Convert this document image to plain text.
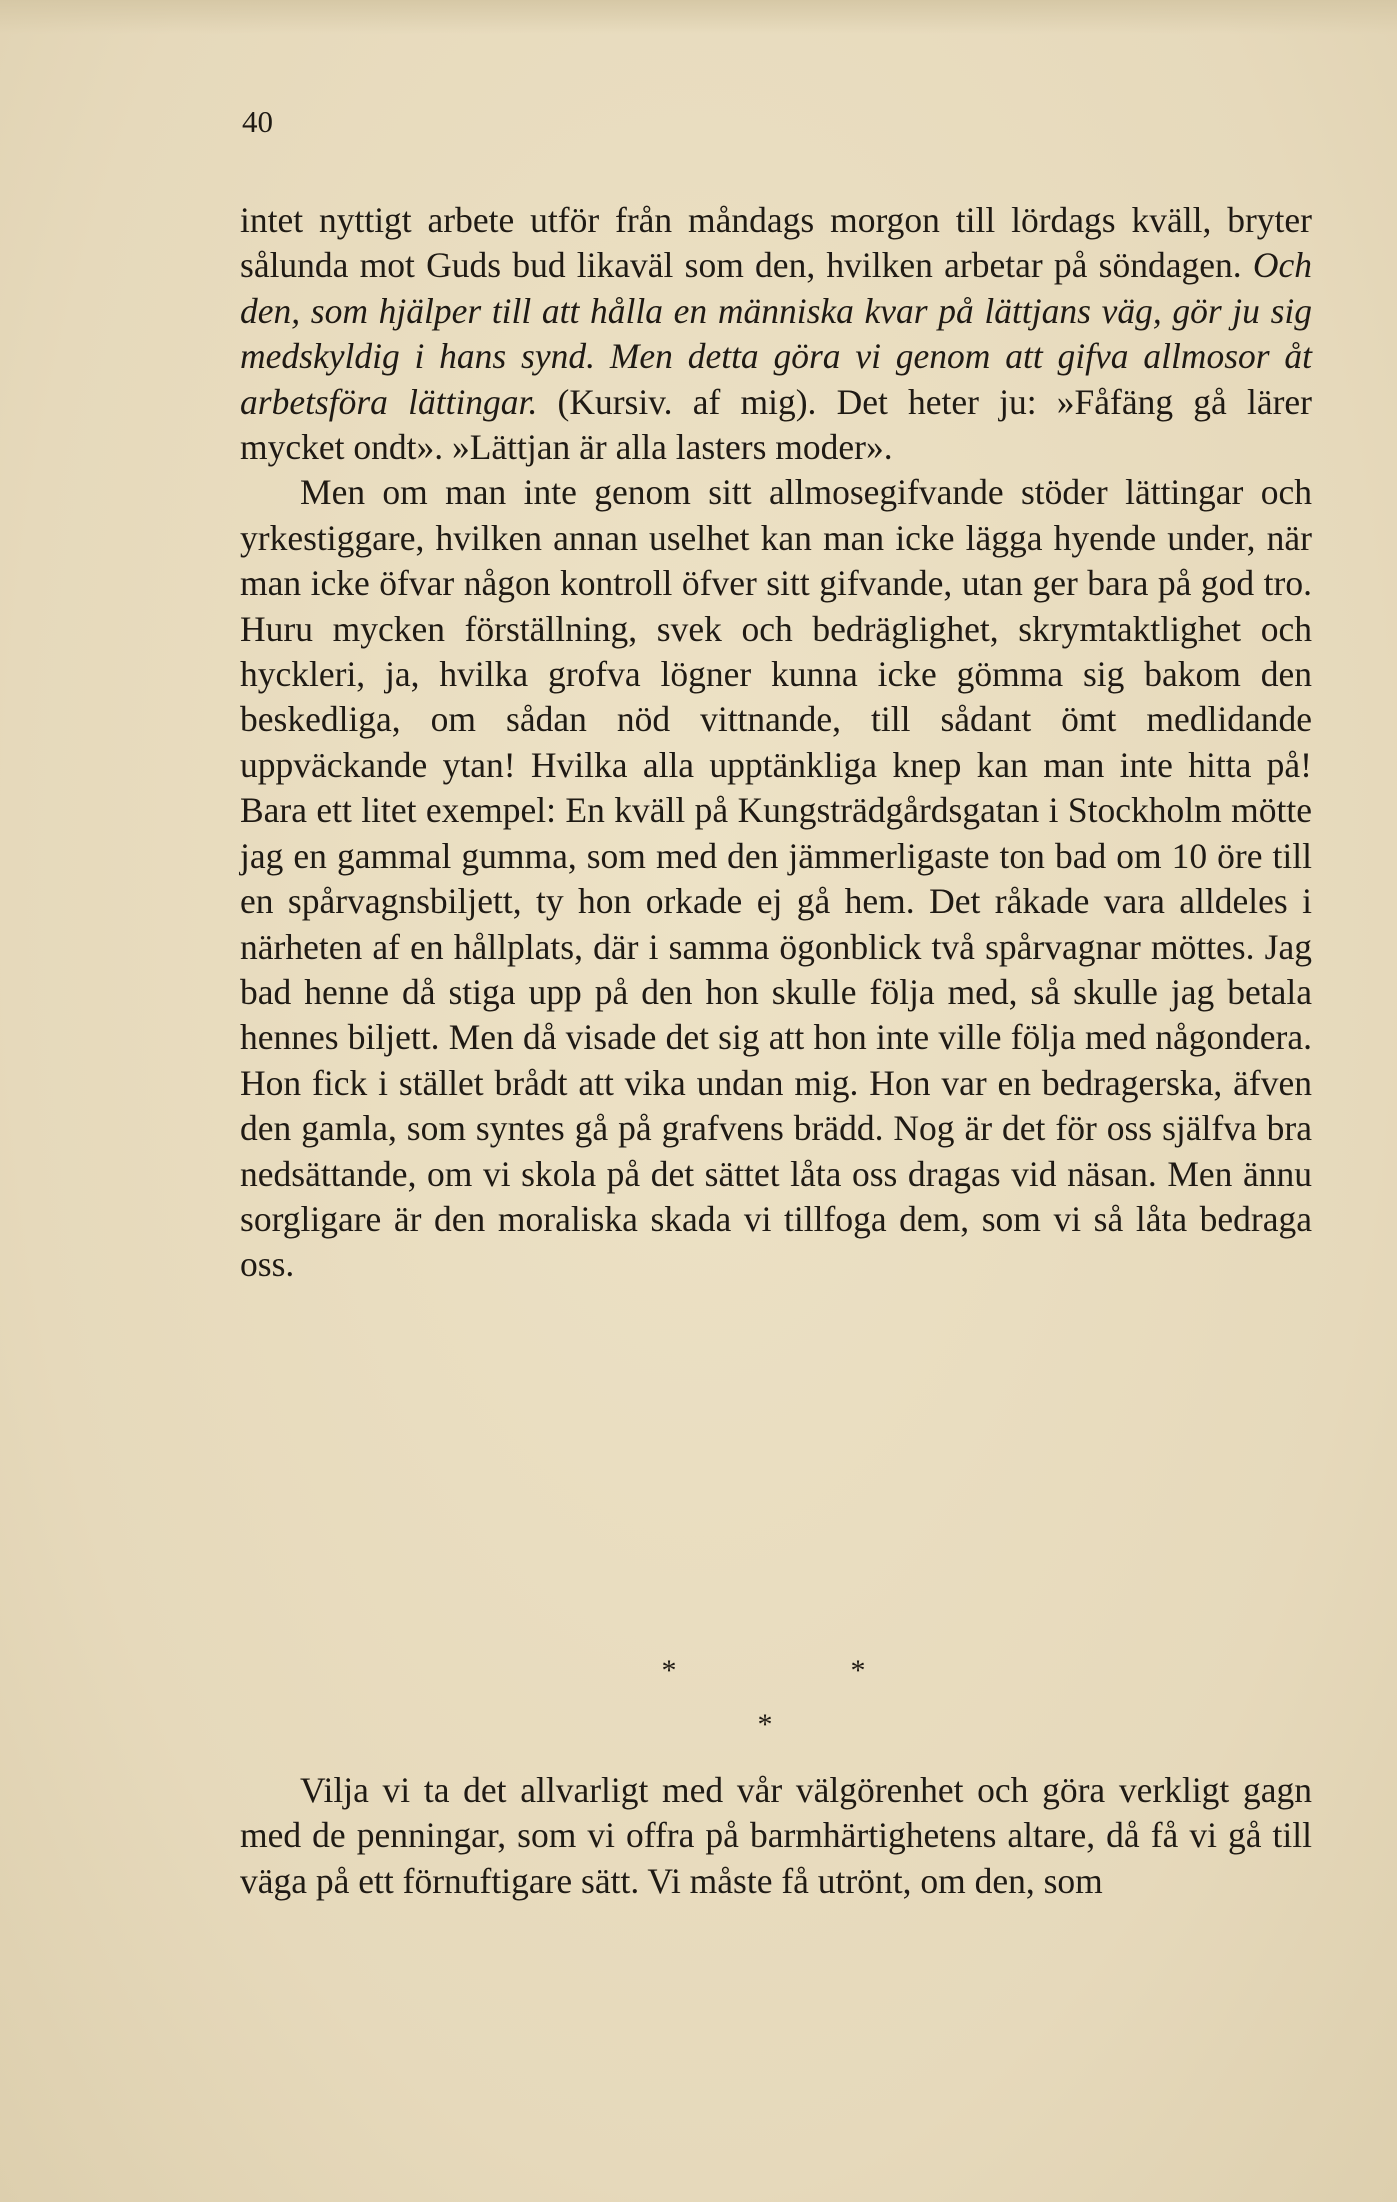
40

intet nyttigt arbete utför från måndags morgon till lördags kväll, bryter sålunda mot Guds bud likaväl som den, hvilken arbetar på söndagen. Och den, som hjälper till att hålla en människa kvar på lättjans väg, gör ju sig medskyldig i hans synd. Men detta göra vi genom att gifva allmosor åt arbetsföra lättingar. (Kursiv. af mig). Det heter ju: »Fåfäng gå lärer mycket ondt». »Lättjan är alla lasters moder».

Men om man inte genom sitt allmosegifvande stöder lättingar och yrkestiggare, hvilken annan uselhet kan man icke lägga hyende under, när man icke öfvar någon kontroll öfver sitt gifvande, utan ger bara på god tro. Huru mycken förställning, svek och bedräglighet, skrymtaktlighet och hyckleri, ja, hvilka grofva lögner kunna icke gömma sig bakom den beskedliga, om sådan nöd vittnande, till sådant ömt medlidande uppväckande ytan! Hvilka alla upptänkliga knep kan man inte hitta på! Bara ett litet exempel: En kväll på Kungsträdgårdsgatan i Stockholm mötte jag en gammal gumma, som med den jämmerligaste ton bad om 10 öre till en spårvagnsbiljett, ty hon orkade ej gå hem. Det råkade vara alldeles i närheten af en hållplats, där i samma ögonblick två spårvagnar möttes. Jag bad henne då stiga upp på den hon skulle följa med, så skulle jag betala hennes biljett. Men då visade det sig att hon inte ville följa med någondera. Hon fick i stället brådt att vika undan mig. Hon var en bedragerska, äfven den gamla, som syntes gå på grafvens brädd. Nog är det för oss själfva bra nedsättande, om vi skola på det sättet låta oss dragas vid näsan. Men ännu sorgligare är den moraliska skada vi tillfoga dem, som vi så låta bedraga oss.

*	*
*

Vilja vi ta det allvarligt med vår välgörenhet och göra verkligt gagn med de penningar, som vi offra på barmhärtighetens altare, då få vi gå till väga på ett förnuftigare sätt. Vi måste få utrönt, om den, som
